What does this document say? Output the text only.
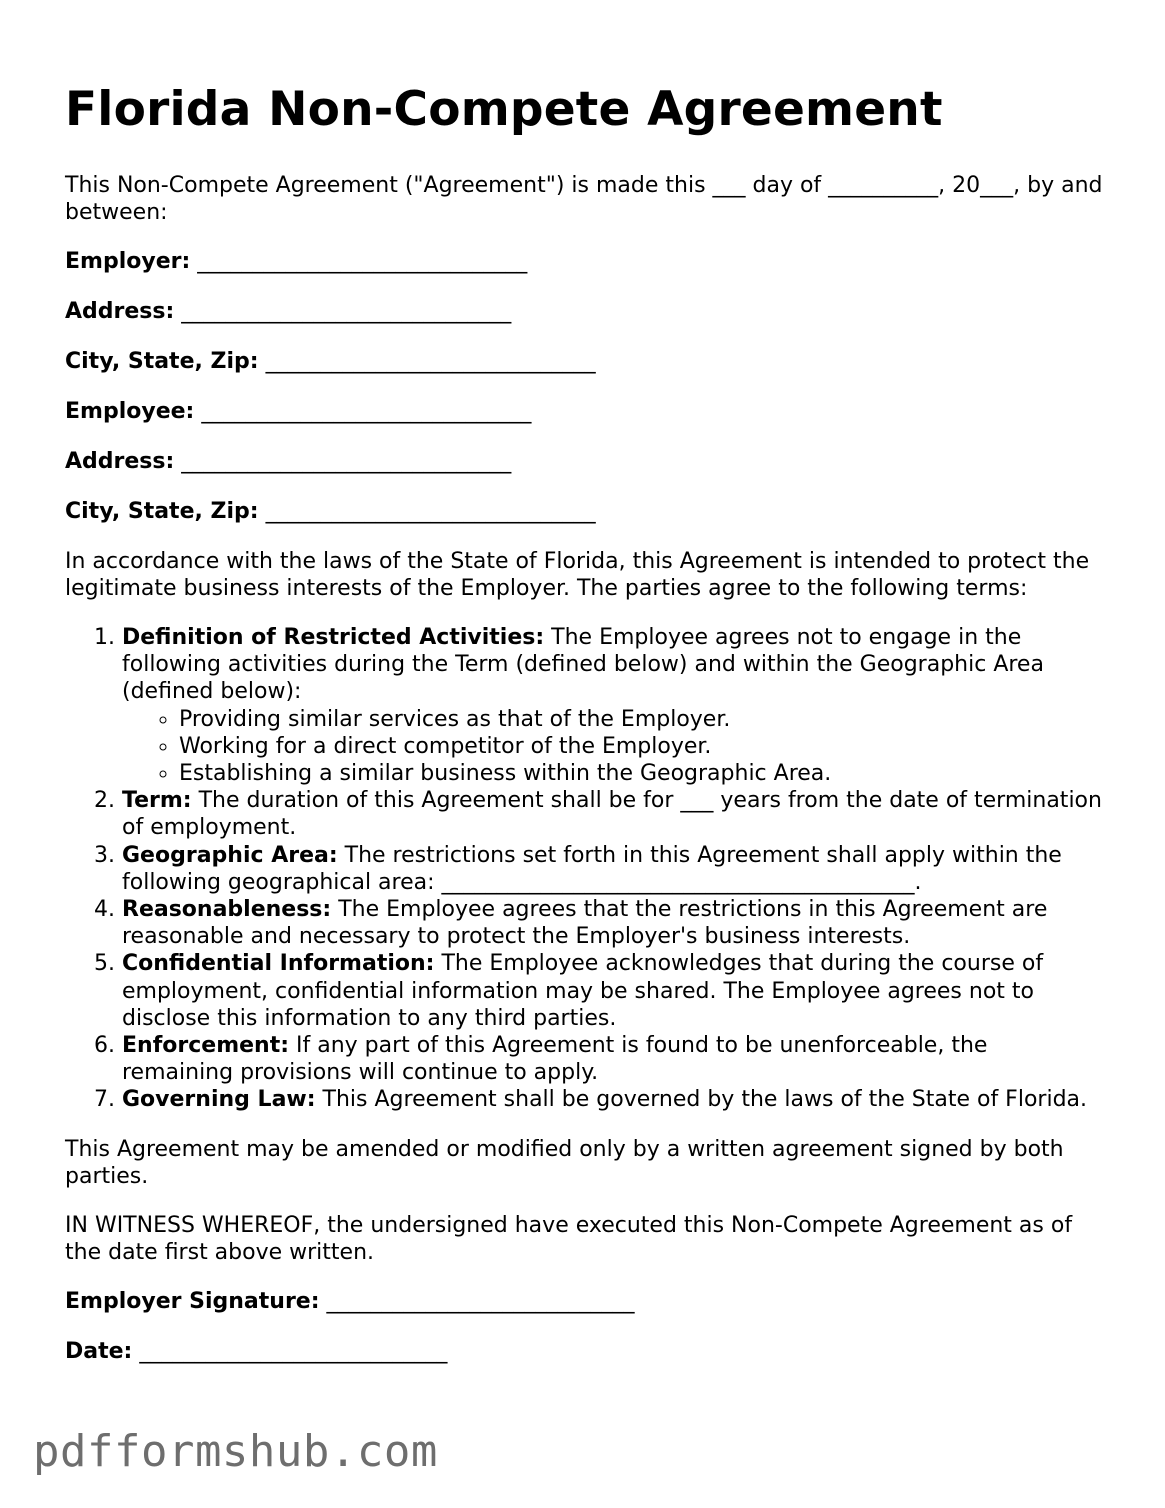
Florida Non-Compete Agreement

This Non-Compete Agreement ("Agreement") is made this ___ day of __________, 20___, by and between:

Employer: ______________________________
Address: ______________________________
City, State, Zip: ______________________________
Employee: ______________________________
Address: ______________________________
City, State, Zip: ______________________________

In accordance with the laws of the State of Florida, this Agreement is intended to protect the legitimate business interests of the Employer. The parties agree to the following terms:

1. Definition of Restricted Activities: The Employee agrees not to engage in the following activities during the Term (defined below) and within the Geographic Area (defined below):
◦ Providing similar services as that of the Employer.
◦ Working for a direct competitor of the Employer.
◦ Establishing a similar business within the Geographic Area.
2. Term: The duration of this Agreement shall be for ___ years from the date of termination of employment.
3. Geographic Area: The restrictions set forth in this Agreement shall apply within the following geographical area: ___________________________________________.
4. Reasonableness: The Employee agrees that the restrictions in this Agreement are reasonable and necessary to protect the Employer's business interests.
5. Confidential Information: The Employee acknowledges that during the course of employment, confidential information may be shared. The Employee agrees not to disclose this information to any third parties.
6. Enforcement: If any part of this Agreement is found to be unenforceable, the remaining provisions will continue to apply.
7. Governing Law: This Agreement shall be governed by the laws of the State of Florida.

This Agreement may be amended or modified only by a written agreement signed by both parties.

IN WITNESS WHEREOF, the undersigned have executed this Non-Compete Agreement as of the date first above written.

Employer Signature: ____________________________
Date: ____________________________
pdfformshub.com
